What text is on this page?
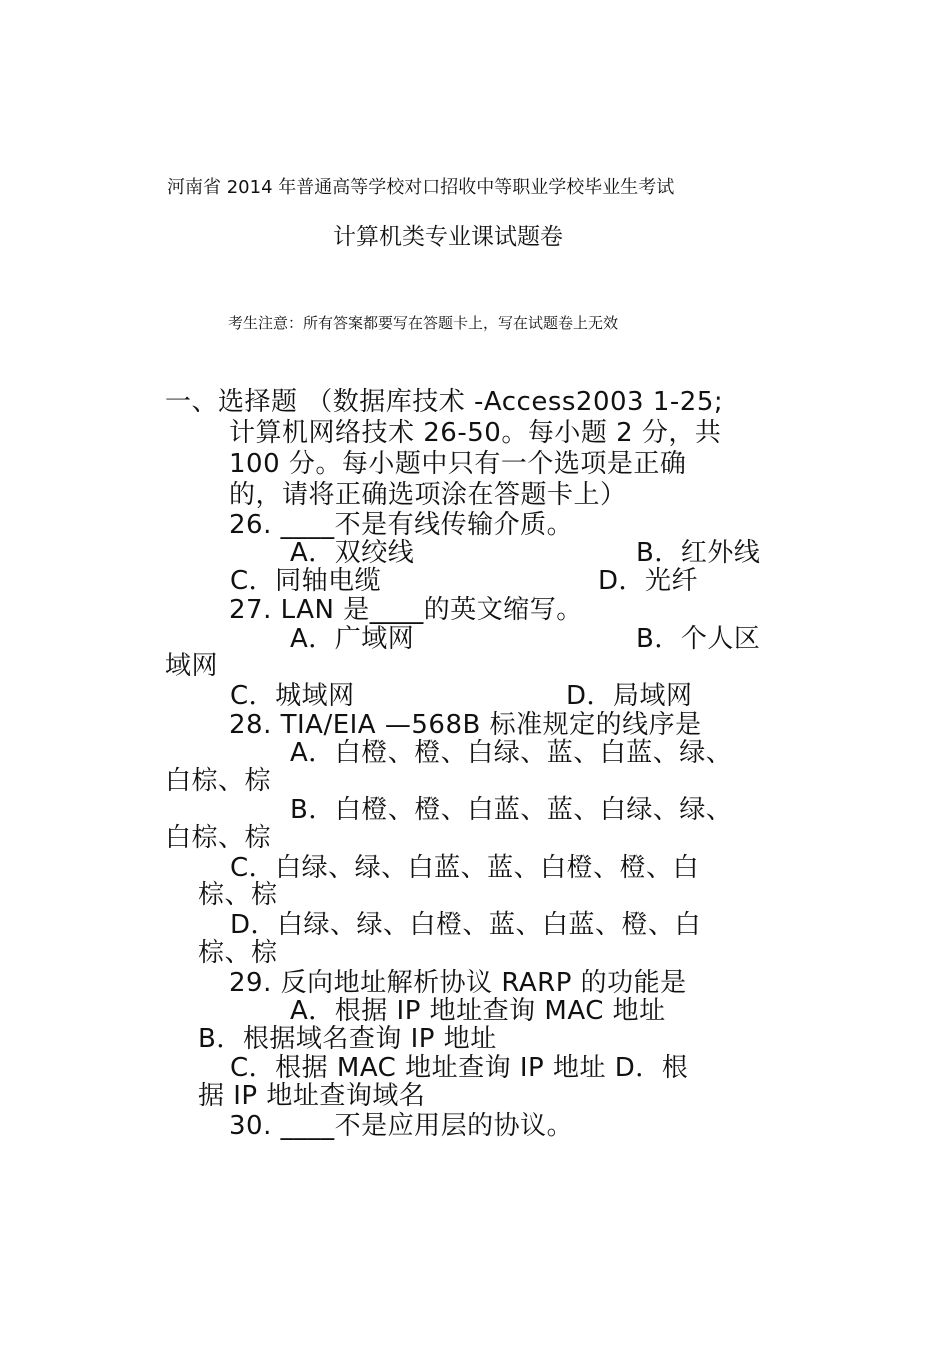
河南省 2014 年普通高等学校对口招收中等职业学校毕业生考试
计算机类专业课试题卷
考生注意：所有答案都要写在答题卡上，写在试题卷上无效
一、选择题 （数据库技术 -Access2003 1-25;
计算机网络技术 26-50。每小题 2 分，共
100 分。每小题中只有一个选项是正确
的，请将正确选项涂在答题卡上）
26. ____不是有线传输介质。
A．双绞线	B．红外线
C．同轴电缆	D．光纤
27. LAN 是____的英文缩写。
A．广域网	B．个人区
域网
C．城域网	D．局域网
28. TIA/EIA —568B 标准规定的线序是
A．白橙、橙、白绿、蓝、白蓝、绿、
白棕、棕
B．白橙、橙、白蓝、蓝、白绿、绿、
白棕、棕
C．白绿、绿、白蓝、蓝、白橙、橙、白
棕、棕
D．白绿、绿、白橙、蓝、白蓝、橙、白
棕、棕
29. 反向地址解析协议 RARP 的功能是
A．根据 IP 地址查询 MAC 地址
B．根据域名查询 IP 地址
C．根据 MAC 地址查询 IP 地址 D．根
据 IP 地址查询域名
30. ____不是应用层的协议。
